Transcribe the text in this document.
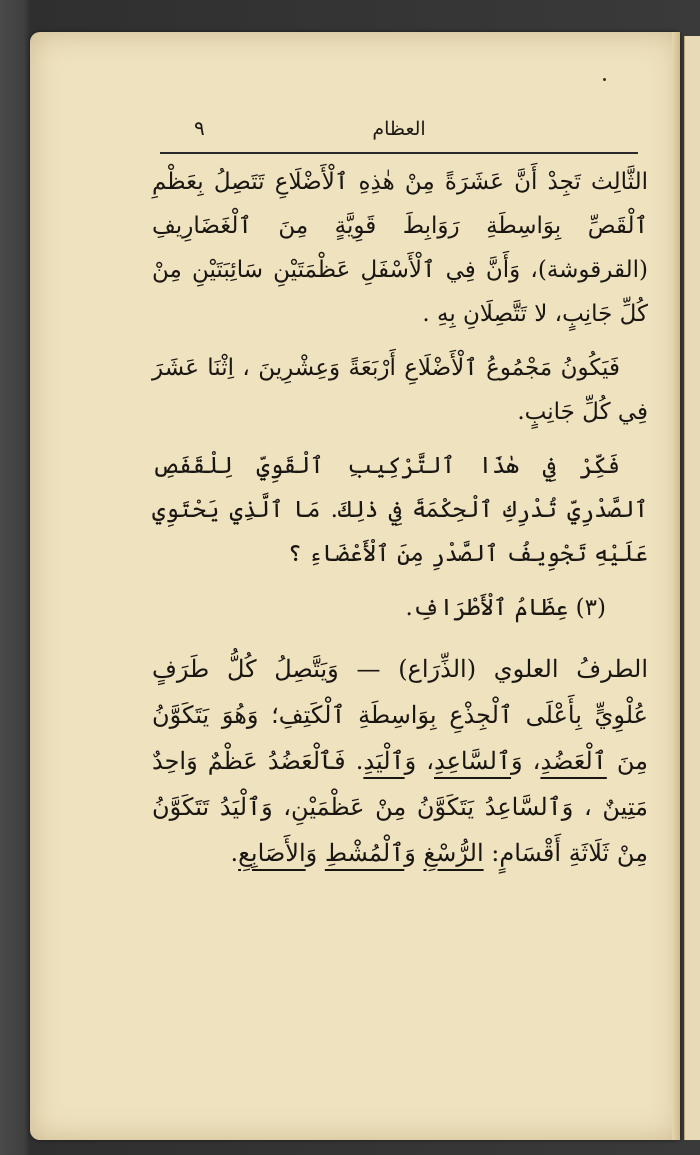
٩	العظام

الثَّالِث تَجِدْ أَنَّ عَشَرَةً مِنْ هٰذِهِ ٱلْأَضْلَاعِ تَتَصِلُ بِعَظْمِ ٱلْقَصِّ بِوَاسِطَةِ رَوَابِطَ قَوِيَّةٍ مِنَ ٱلْغَضَارِيفِ (القرقوشة)، وَأَنَّ فِي ٱلْأَسْفَلِ عَظْمَتَيْنِ سَائِبَتَيْنِ مِنْ كُلِّ جَانِبٍ، لا تَتَّصِلَانِ بِهِ .

فَيَكُونُ مَجْمُوعُ ٱلْأَضْلَاعِ أَرْبَعَةً وَعِشْرِينَ ، اِثْنَا عَشَرَ فِي كُلِّ جَانِبٍ.

فَكِّرْ فِي هٰذَا ٱلتَّرْكِيبِ ٱلْقَوِيِّ لِلْقَفَصِ ٱلصَّدْرِيِّ تُدْرِكِ ٱلْحِكْمَةَ فِي ذٰلِكَ. مَا ٱلَّذِي يَحْتَوِي عَلَيْهِ تَجْوِيفُ ٱلصَّدْرِ مِنَ ٱلْأَعْضَاءِ ؟

(٣) عِظَامُ ٱلْأَطْرَافِ.

الطرفُ العلوي (الذِّرَاع) — وَيَتَّصِلُ كُلُّ طَرَفٍ عُلْوِيٍّ بِأَعْلَى ٱلْجِذْعِ بِوَاسِطَةِ ٱلْكَتِفِ؛ وَهُوَ يَتَكَوَّنُ مِنَ ٱلْعَضُدِ، وَٱلسَّاعِدِ، وَٱلْيَدِ. فَٱلْعَضُدُ عَظْمٌ وَاحِدٌ مَتِينٌ ، وَٱلسَّاعِدُ يَتَكَوَّنُ مِنْ عَظْمَيْنِ، وَٱلْيَدُ تَتَكَوَّنُ مِنْ ثَلَاثَةِ أَقْسَامٍ: الرُّسْغِ وَٱلْمُشْطِ وَالأَصَابِعِ.
